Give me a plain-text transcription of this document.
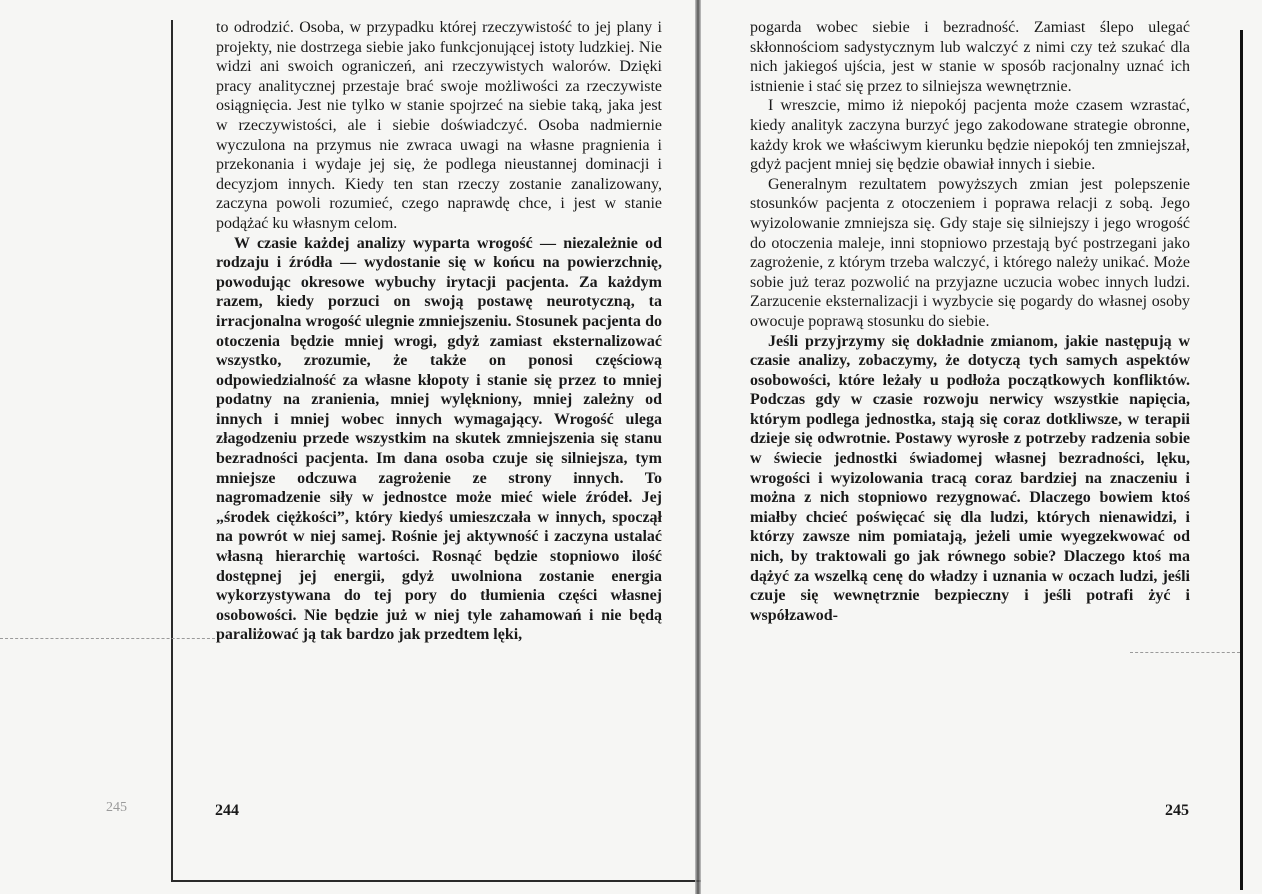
245

to odrodzić. Osoba, w przypadku której rzeczywistość to jej plany i projekty, nie dostrzega siebie jako funkcjonującej istoty ludzkiej. Nie widzi ani swoich ograniczeń, ani rzeczywistych walorów. Dzięki pracy analitycznej przestaje brać swoje możliwości za rzeczywiste osiągnięcia. Jest nie tylko w stanie spojrzeć na siebie taką, jaka jest w rzeczywistości, ale i siebie doświadczyć. Osoba nadmiernie wyczulona na przymus nie zwraca uwagi na własne pragnienia i przekonania i wydaje jej się, że podlega nieustannej dominacji i decyzjom innych. Kiedy ten stan rzeczy zostanie zanalizowany, zaczyna powoli rozumieć, czego naprawdę chce, i jest w stanie podążać ku własnym celom.

W czasie każdej analizy wyparta wrogość — niezależnie od rodzaju i źródła — wydostanie się w końcu na powierzchnię, powodując okresowe wybuchy irytacji pacjenta. Za każdym razem, kiedy porzuci on swoją postawę neurotyczną, ta irracjonalna wrogość ulegnie zmniejszeniu. Stosunek pacjenta do otoczenia będzie mniej wrogi, gdyż zamiast eksternalizować wszystko, zrozumie, że także on ponosi częściową odpowiedzialność za własne kłopoty i stanie się przez to mniej podatny na zranienia, mniej wylękniony, mniej zależny od innych i mniej wobec innych wymagający. Wrogość ulega złagodzeniu przede wszystkim na skutek zmniejszenia się stanu bezradności pacjenta. Im dana osoba czuje się silniejsza, tym mniejsze odczuwa zagrożenie ze strony innych. To nagromadzenie siły w jednostce może mieć wiele źródeł. Jej „środek ciężkości”, który kiedyś umieszczała w innych, spoczął na powrót w niej samej. Rośnie jej aktywność i zaczyna ustalać własną hierarchię wartości. Rosnąć będzie stopniowo ilość dostępnej jej energii, gdyż uwolniona zostanie energia wykorzystywana do tej pory do tłumienia części własnej osobowości. Nie będzie już w niej tyle zahamowań i nie będą paraliżować ją tak bardzo jak przedtem lęki,

244

pogarda wobec siebie i bezradność. Zamiast ślepo ulegać skłonnościom sadystycznym lub walczyć z nimi czy też szukać dla nich jakiegoś ujścia, jest w stanie w sposób racjonalny uznać ich istnienie i stać się przez to silniejsza wewnętrznie.

I wreszcie, mimo iż niepokój pacjenta może czasem wzrastać, kiedy analityk zaczyna burzyć jego zakodowane strategie obronne, każdy krok we właściwym kierunku będzie niepokój ten zmniejszał, gdyż pacjent mniej się będzie obawiał innych i siebie.

Generalnym rezultatem powyższych zmian jest polepszenie stosunków pacjenta z otoczeniem i poprawa relacji z sobą. Jego wyizolowanie zmniejsza się. Gdy staje się silniejszy i jego wrogość do otoczenia maleje, inni stopniowo przestają być postrzegani jako zagrożenie, z którym trzeba walczyć, i którego należy unikać. Może sobie już teraz pozwolić na przyjazne uczucia wobec innych ludzi. Zarzucenie eksternalizacji i wyzbycie się pogardy do własnej osoby owocuje poprawą stosunku do siebie.

Jeśli przyjrzymy się dokładnie zmianom, jakie następują w czasie analizy, zobaczymy, że dotyczą tych samych aspektów osobowości, które leżały u podłoża początkowych konfliktów. Podczas gdy w czasie rozwoju nerwicy wszystkie napięcia, którym podlega jednostka, stają się coraz dotkliwsze, w terapii dzieje się odwrotnie. Postawy wyrosłe z potrzeby radzenia sobie w świecie jednostki świadomej własnej bezradności, lęku, wrogości i wyizolowania tracą coraz bardziej na znaczeniu i można z nich stopniowo rezygnować. Dlaczego bowiem ktoś miałby chcieć poświęcać się dla ludzi, których nienawidzi, i którzy zawsze nim pomiatają, jeżeli umie wyegzekwować od nich, by traktowali go jak równego sobie? Dlaczego ktoś ma dążyć za wszelką cenę do władzy i uznania w oczach ludzi, jeśli czuje się wewnętrznie bezpieczny i jeśli potrafi żyć i współzawod-

245
